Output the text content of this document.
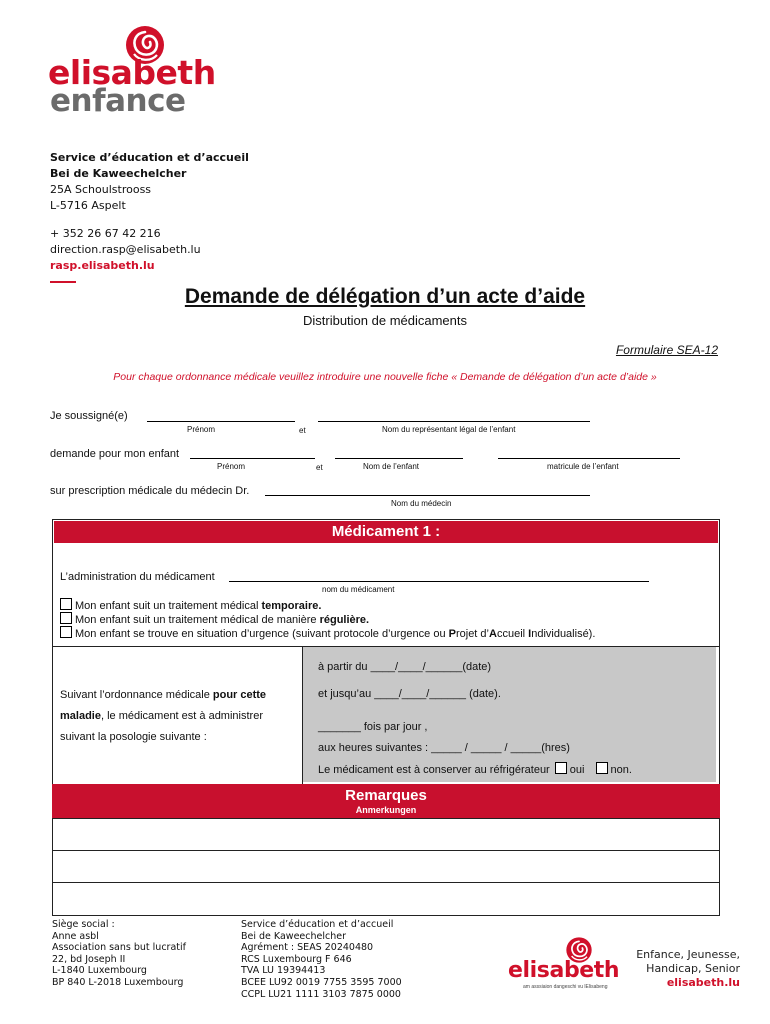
elisabeth
enfance
Service d’éducation et d’accueil
Bei de Kaweechelcher
25A Schoulstrooss
L-5716 Aspelt
+ 352 26 67 42 216
direction.rasp@elisabeth.lu
rasp.elisabeth.lu
Demande de délégation d’un acte d’aide
Distribution de médicaments
Formulaire SEA-12
Pour chaque ordonnance médicale veuillez introduire une nouvelle fiche « Demande de délégation d’un acte d’aide »
Je soussigné(e)
Prénom	et	Nom du représentant légal de l’enfant
demande pour mon enfant
Prénom	et	Nom de l’enfant	matricule de l’enfant
sur prescription médicale du médecin Dr.
Nom du médecin
Médicament 1 :
L’administration du médicament
nom du médicament
Mon enfant suit un traitement médical temporaire.
Mon enfant suit un traitement médical de manière régulière.
Mon enfant se trouve en situation d’urgence (suivant protocole d’urgence ou Projet d’Accueil Individualisé).
Suivant l’ordonnance médicale pour cette
maladie, le médicament est à administrer
suivant la posologie suivante :
à partir du ____/____/______(date)
et jusqu’au ____/____/______ (date).
_______ fois par jour ,
aux heures suivantes : _____ / _____ / _____(hres)
Le médicament est à conserver au réfrigérateur oui non.
Remarques
Anmerkungen
Siège social :
Anne asbl
Association sans but lucratif
22, bd Joseph II
L-1840 Luxembourg
BP 840 L-2018 Luxembourg
Service d’éducation et d’accueil
Bei de Kaweechelcher
Agrément : SEAS 20240480
RCS Luxembourg F 646
TVA LU 19394413
BCEE LU92 0019 7755 3595 7000
CCPL LU21 1111 3103 7875 0000
elisabeth
am asssiaion dangeschi vu lElisabeng
Enfance, Jeunesse,
Handicap, Senior
elisabeth.lu
